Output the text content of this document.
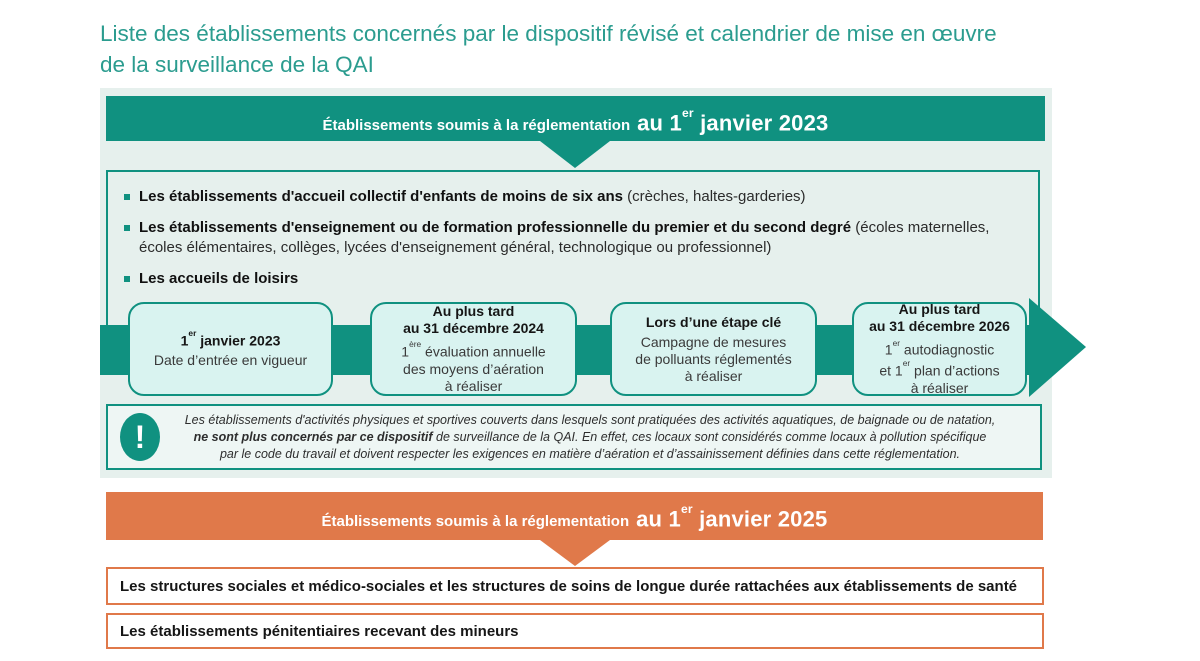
Liste des établissements concernés par le dispositif révisé et calendrier de mise en œuvre
de la surveillance de la QAI
Établissements soumis à la réglementation au 1er janvier 2023
Les établissements d'accueil collectif d'enfants de moins de six ans (crèches, haltes-garderies)
Les établissements d'enseignement ou de formation professionnelle du premier et du second degré (écoles maternelles, écoles élémentaires, collèges, lycées d'enseignement général, technologique ou professionnel)
Les accueils de loisirs
1er janvier 2023
Date d’entrée en vigueur
Au plus tard
au 31 décembre 2024
1ère évaluation annuelle
des moyens d’aération
à réaliser
Lors d’une étape clé
Campagne de mesures
de polluants réglementés
à réaliser
Au plus tard
au 31 décembre 2026
1er autodiagnostic
et 1er plan d’actions
à réaliser
!	Les établissements d'activités physiques et sportives couverts dans lesquels sont pratiquées des activités aquatiques, de baignade ou de natation,
ne sont plus concernés par ce dispositif de surveillance de la QAI. En effet, ces locaux sont considérés comme locaux à pollution spécifique
par le code du travail et doivent respecter les exigences en matière d’aération et d’assainissement définies dans cette réglementation.
Établissements soumis à la réglementation au 1er janvier 2025
Les structures sociales et médico-sociales et les structures de soins de longue durée rattachées aux établissements de santé
Les établissements pénitentiaires recevant des mineurs
